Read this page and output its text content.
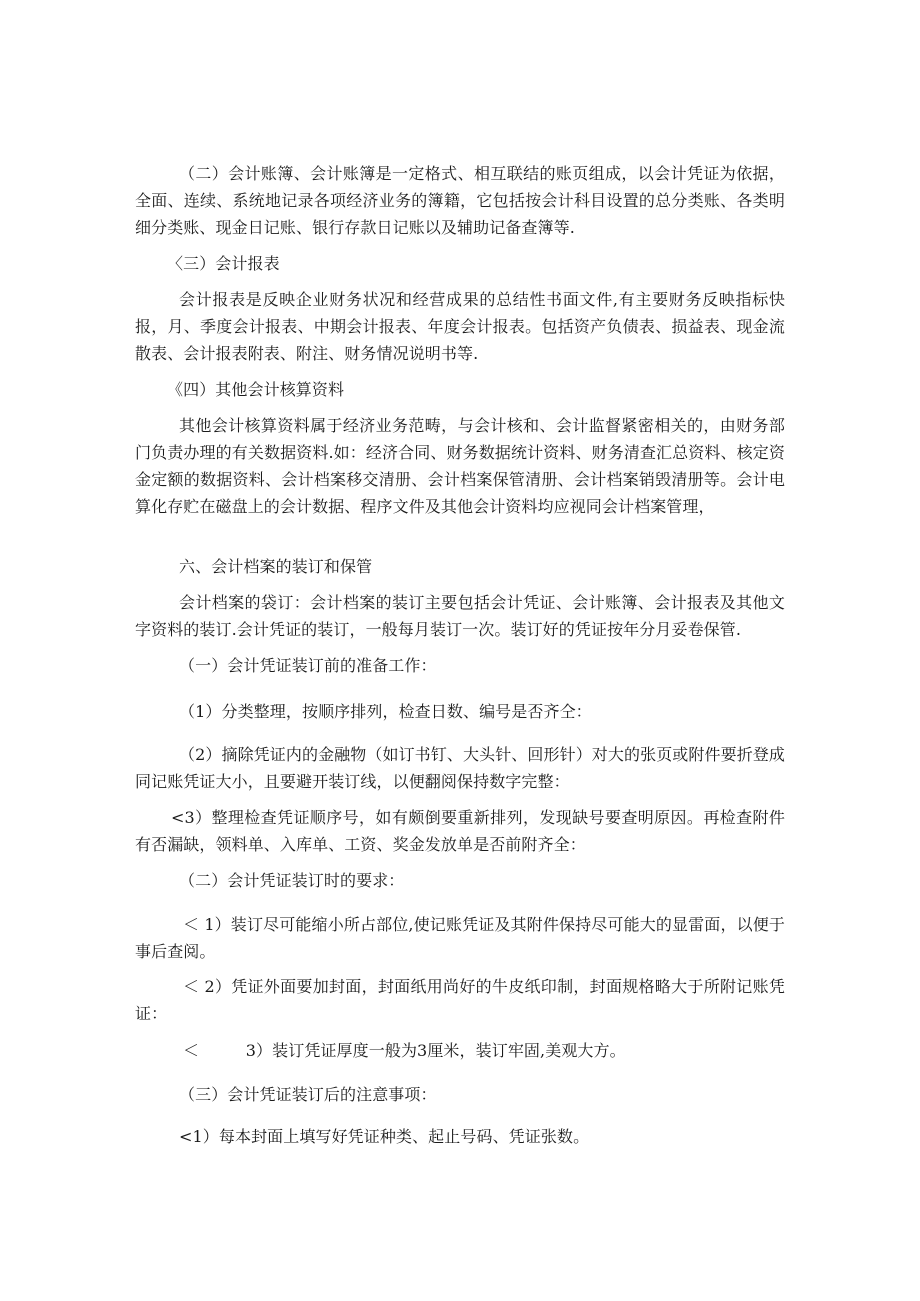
（二）会计账簿、会计账簿是一定格式、相互联结的账页组成，以会计凭证为依据，全面、连续、系统地记录各项经济业务的簿籍，它包括按会计科目设置的总分类账、各类明细分类账、现金日记账、银行存款日记账以及辅助记备查簿等.

〈三）会计报表

会计报表是反映企业财务状况和经营成果的总结性书面文件,有主要财务反映指标快报，月、季度会计报表、中期会计报表、年度会计报表。包括资产负债表、损益表、现金流散表、会计报表附表、附注、财务情况说明书等.

《四）其他会计核算资料

其他会计核算资料属于经济业务范畴，与会计核和、会计监督紧密相关的，由财务部门负责办理的有关数据资料.如：经济合同、财务数据统计资料、财务清查汇总资料、核定资金定额的数据资料、会计档案移交清册、会计档案保管清册、会计档案销毁清册等。会计电算化存贮在磁盘上的会计数据、程序文件及其他会计资料均应视同会计档案管理，

六、会计档案的装订和保管

会计档案的袋订：会计档案的装订主要包括会计凭证、会计账簿、会计报表及其他文字资料的装订.会计凭证的装订，一般每月装订一次。装订好的凭证按年分月妥卷保管.

（一）会计凭证装订前的准备工作：

（1）分类整理，按顺序排列，检查日数、编号是否齐仝：

（2）摘除凭证内的金融物（如订书钉、大头针、回形针）对大的张页或附件要折登成同记账凭证大小，且要避开装订线，以便翻阅保持数字完整：

<3）整理检查凭证顺序号，如有颇倒要重新排列，发现缺号要查明原因。再检查附件有否漏缺，领料单、入库单、工资、奖金发放单是否前附齐全：

（二）会计凭证装订时的要求：

＜ 1）装订尽可能缩小所占部位,使记账凭证及其附件保持尽可能大的显雷面，以便于事后查阅。

＜ 2）凭证外面要加封面，封面纸用尚好的牛皮纸印制，封面规格略大于所附记账凭证：

＜         3）装订凭证厚度一般为3厘米，装订牢固,美观大方。

（三）会计凭证装订后的注意事项：

<1）每本封面上填写好凭证种类、起止号码、凭证张数。
